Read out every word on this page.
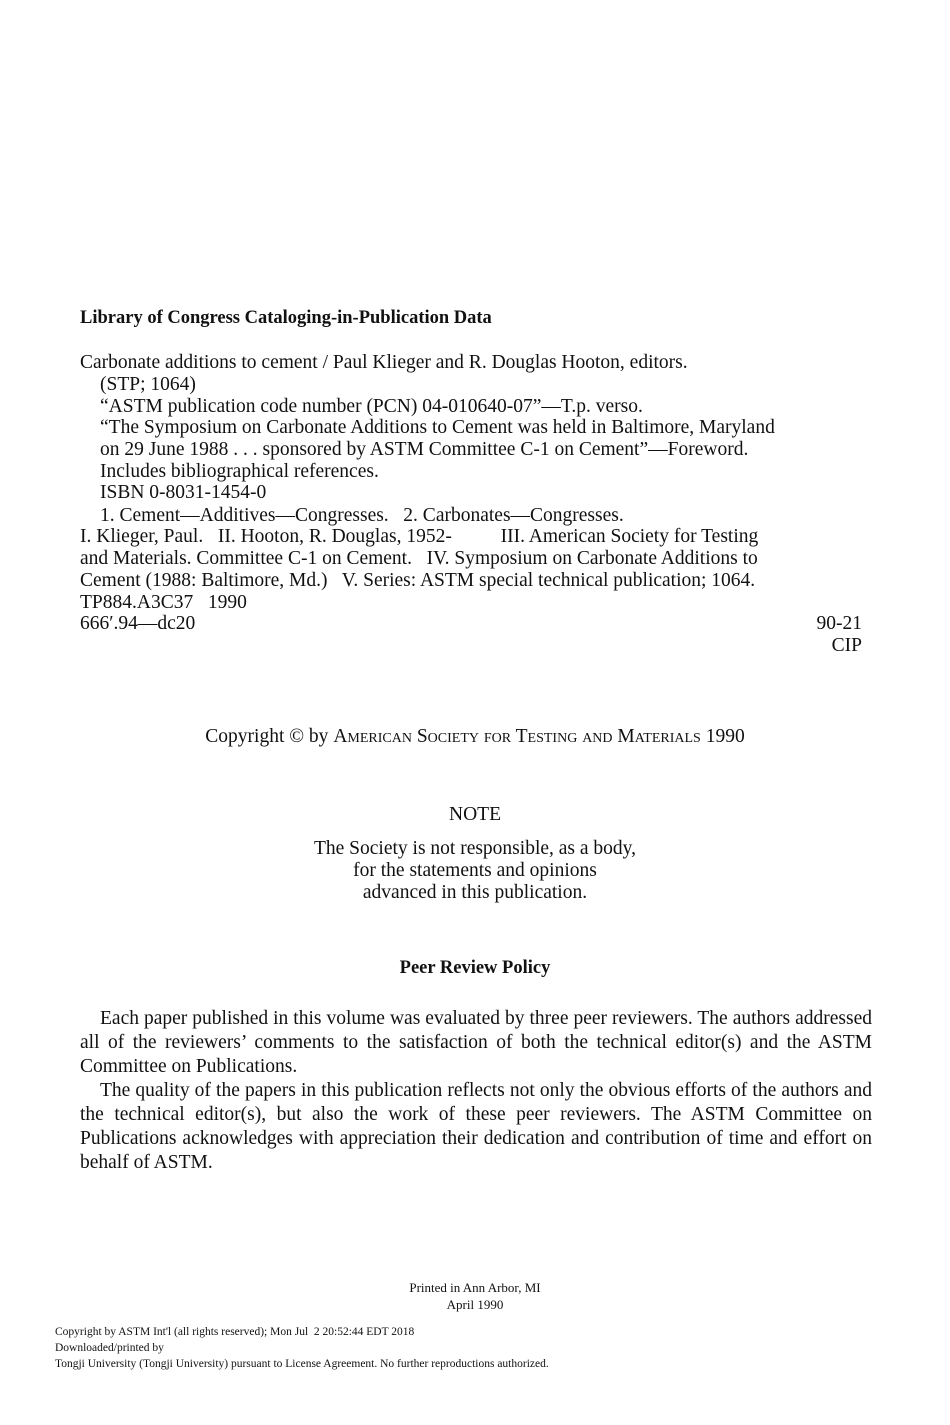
Library of Congress Cataloging-in-Publication Data
Carbonate additions to cement / Paul Klieger and R. Douglas Hooton, editors.
(STP; 1064)
“ASTM publication code number (PCN) 04-010640-07”—T.p. verso.
“The Symposium on Carbonate Additions to Cement was held in Baltimore, Maryland
on 29 June 1988 . . . sponsored by ASTM Committee C-1 on Cement”—Foreword.
Includes bibliographical references.
ISBN 0-8031-1454-0
1. Cement—Additives—Congresses.   2. Carbonates—Congresses.
I. Klieger, Paul.   II. Hooton, R. Douglas, 1952-          III. American Society for Testing
and Materials. Committee C-1 on Cement.   IV. Symposium on Carbonate Additions to
Cement (1988: Baltimore, Md.)   V. Series: ASTM special technical publication; 1064.
TP884.A3C37   1990
666′.94—dc20	90-21
CIP
Copyright © by American Society for Testing and Materials 1990
NOTE
The Society is not responsible, as a body,
for the statements and opinions
advanced in this publication.
Peer Review Policy
Each paper published in this volume was evaluated by three peer reviewers. The authors addressed all of the reviewers’ comments to the satisfaction of both the technical editor(s) and the ASTM Committee on Publications.
The quality of the papers in this publication reflects not only the obvious efforts of the authors and the technical editor(s), but also the work of these peer reviewers. The ASTM Committee on Publications acknowledges with appreciation their dedication and contribution of time and effort on behalf of ASTM.
Printed in Ann Arbor, MI
April 1990
Copyright by ASTM Int'l (all rights reserved); Mon Jul  2 20:52:44 EDT 2018
Downloaded/printed by
Tongji University (Tongji University) pursuant to License Agreement. No further reproductions authorized.
